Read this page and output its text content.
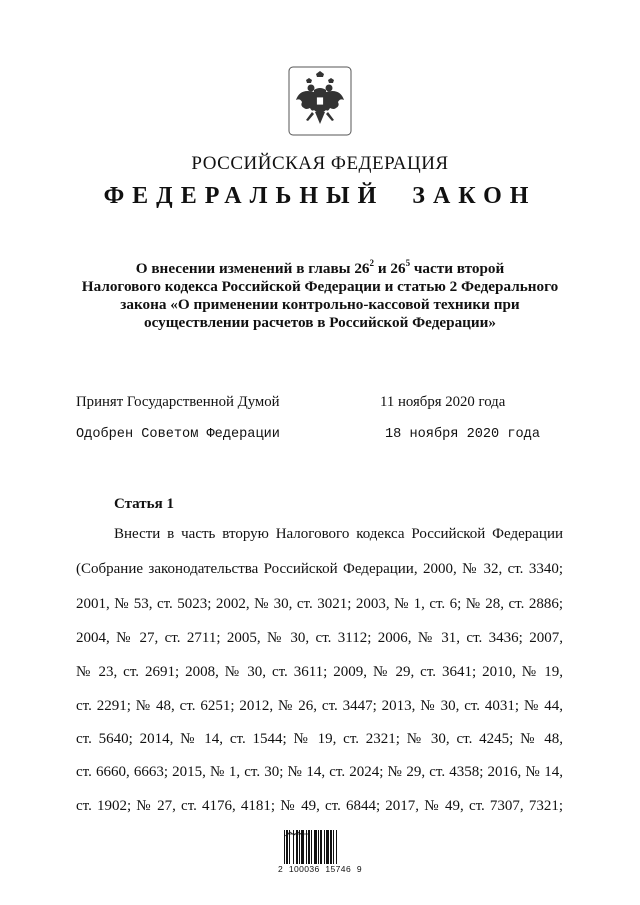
РОССИЙСКАЯ ФЕДЕРАЦИЯ
ФЕДЕРАЛЬНЫЙ ЗАКОН
О внесении изменений в главы $26^2$ и $26^5$ части второй
Налогового кодекса Российской Федерации и статью 2 Федерального
закона «О применении контрольно-кассовой техники при
осуществлении расчетов в Российской Федерации»
Принят Государственной Думой	11 ноября 2020 года
Одобрен Советом Федерации	18 ноября 2020 года
Статья 1
Внести в часть вторую Налогового кодекса Российской Федерации
(Собрание законодательства Российской Федерации, 2000, № 32, ст. 3340;
2001, № 53, ст. 5023; 2002, № 30, ст. 3021; 2003, № 1, ст. 6; № 28, ст. 2886;
2004, № 27, ст. 2711; 2005, № 30, ст. 3112; 2006, № 31, ст. 3436; 2007,
№ 23, ст. 2691; 2008, № 30, ст. 3611; 2009, № 29, ст. 3641; 2010, № 19,
ст. 2291; № 48, ст. 6251; 2012, № 26, ст. 3447; 2013, № 30, ст. 4031; № 44,
ст. 5640; 2014, № 14, ст. 1544; № 19, ст. 2321; № 30, ст. 4245; № 48,
ст. 6660, 6663; 2015, № 1, ст. 30; № 14, ст. 2024; № 29, ст. 4358; 2016, № 14,
ст. 1902; № 27, ст. 4176, 4181; № 49, ст. 6844; 2017, № 49, ст. 7307, 7321;
2 100036 15746 9
